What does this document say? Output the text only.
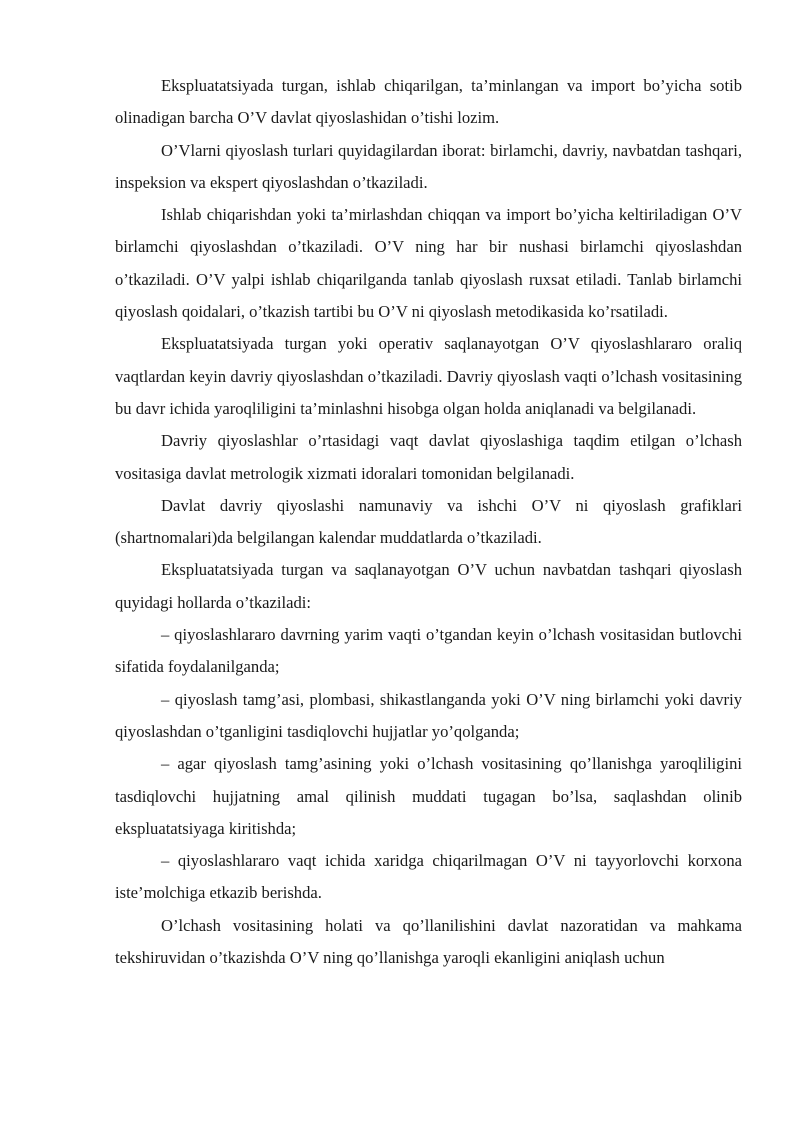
Ekspluatatsiyada turgan, ishlab chiqarilgan, ta’minlangan va import bo’yicha sotib olinadigan barcha O’V davlat qiyoslashidan o’tishi lozim.

O’Vlarni qiyoslash turlari quyidagilardan iborat: birlamchi, davriy, navbatdan tashqari, inspeksion va ekspert qiyoslashdan o’tkaziladi.

Ishlab chiqarishdan yoki ta’mirlashdan chiqqan va import bo’yicha keltiriladigan O’V birlamchi qiyoslashdan o’tkaziladi. O’V ning har bir nushasi birlamchi qiyoslashdan o’tkaziladi. O’V yalpi ishlab chiqarilganda tanlab qiyoslash ruxsat etiladi. Tanlab birlamchi qiyoslash qoidalari, o’tkazish tartibi bu O’V ni qiyoslash metodikasida ko’rsatiladi.

Ekspluatatsiyada turgan yoki operativ saqlanayotgan O’V qiyoslashlararo oraliq vaqtlardan keyin davriy qiyoslashdan o’tkaziladi. Davriy qiyoslash vaqti o’lchash vositasining bu davr ichida yaroqliligini ta’minlashni hisobga olgan holda aniqlanadi va belgilanadi.

Davriy qiyoslashlar o’rtasidagi vaqt davlat qiyoslashiga taqdim etilgan o’lchash vositasiga davlat metrologik xizmati idoralari tomonidan belgilanadi.

Davlat davriy qiyoslashi namunaviy va ishchi O’V ni qiyoslash grafiklari (shartnomalari)da belgilangan kalendar muddatlarda o’tkaziladi.

Ekspluatatsiyada turgan va saqlanayotgan O’V uchun navbatdan tashqari qiyoslash quyidagi hollarda o’tkaziladi:

– qiyoslashlararo davrning yarim vaqti o’tgandan keyin o’lchash vositasidan butlovchi sifatida foydalanilganda;

– qiyoslash tamg’asi, plombasi, shikastlanganda yoki O’V ning birlamchi yoki davriy qiyoslashdan o’tganligini tasdiqlovchi hujjatlar yo’qolganda;

– agar qiyoslash tamg’asining yoki o’lchash vositasining qo’llanishga yaroqliligini tasdiqlovchi hujjatning amal qilinish muddati tugagan bo’lsa, saqlashdan olinib ekspluatatsiyaga kiritishda;

– qiyoslashlararo vaqt ichida xaridga chiqarilmagan O’V ni tayyorlovchi korxona iste’molchiga etkazib berishda.

O’lchash vositasining holati va qo’llanilishini davlat nazoratidan va mahkama tekshiruvidan o’tkazishda O’V ning qo’llanishga yaroqli ekanligini aniqlash uchun
